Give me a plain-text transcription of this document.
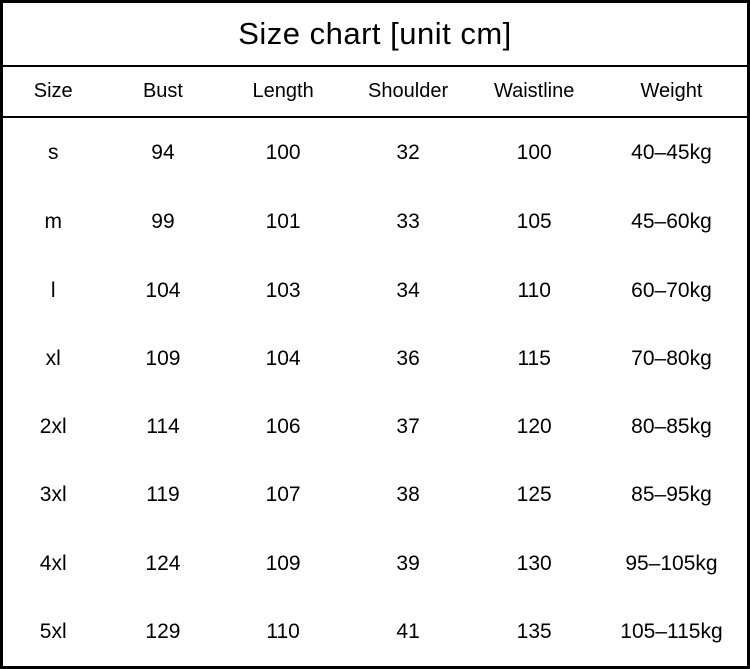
Size chart [unit cm]
Size	Bust	Length	Shoulder	Waistline	Weight
s	94	100	32	100	40–45kg
m	99	101	33	105	45–60kg
l	104	103	34	110	60–70kg
xl	109	104	36	115	70–80kg
2xl	114	106	37	120	80–85kg
3xl	119	107	38	125	85–95kg
4xl	124	109	39	130	95–105kg
5xl	129	110	41	135	105–115kg
